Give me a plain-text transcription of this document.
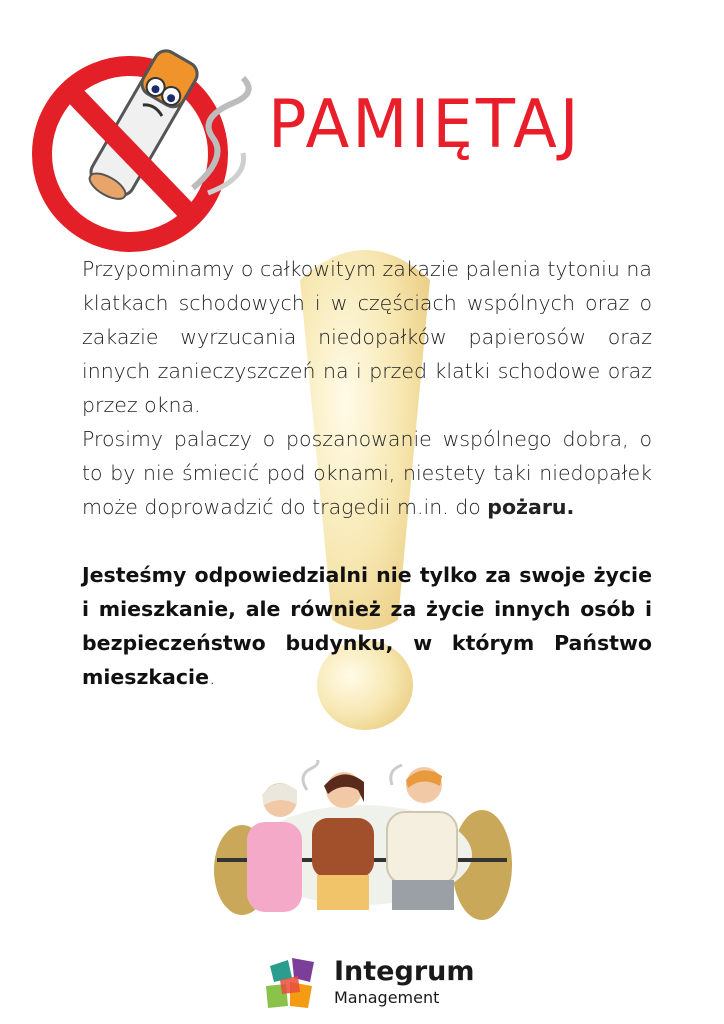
PAMIĘTAJ

Przypominamy o całkowitym zakazie palenia tytoniu na klatkach schodowych i w częściach wspólnych oraz o zakazie wyrzucania niedopałków papierosów oraz innych zanieczyszczeń na i przed klatki schodowe oraz przez okna.

Prosimy palaczy o poszanowanie wspólnego dobra, o to by nie śmiecić pod oknami, niestety taki niedopałek może doprowadzić do tragedii m.in. do pożaru.

Jesteśmy odpowiedzialni nie tylko za swoje życie i mieszkanie, ale również za życie innych osób i bezpieczeństwo budynku, w którym Państwo mieszkacie.

Integrum
Management
